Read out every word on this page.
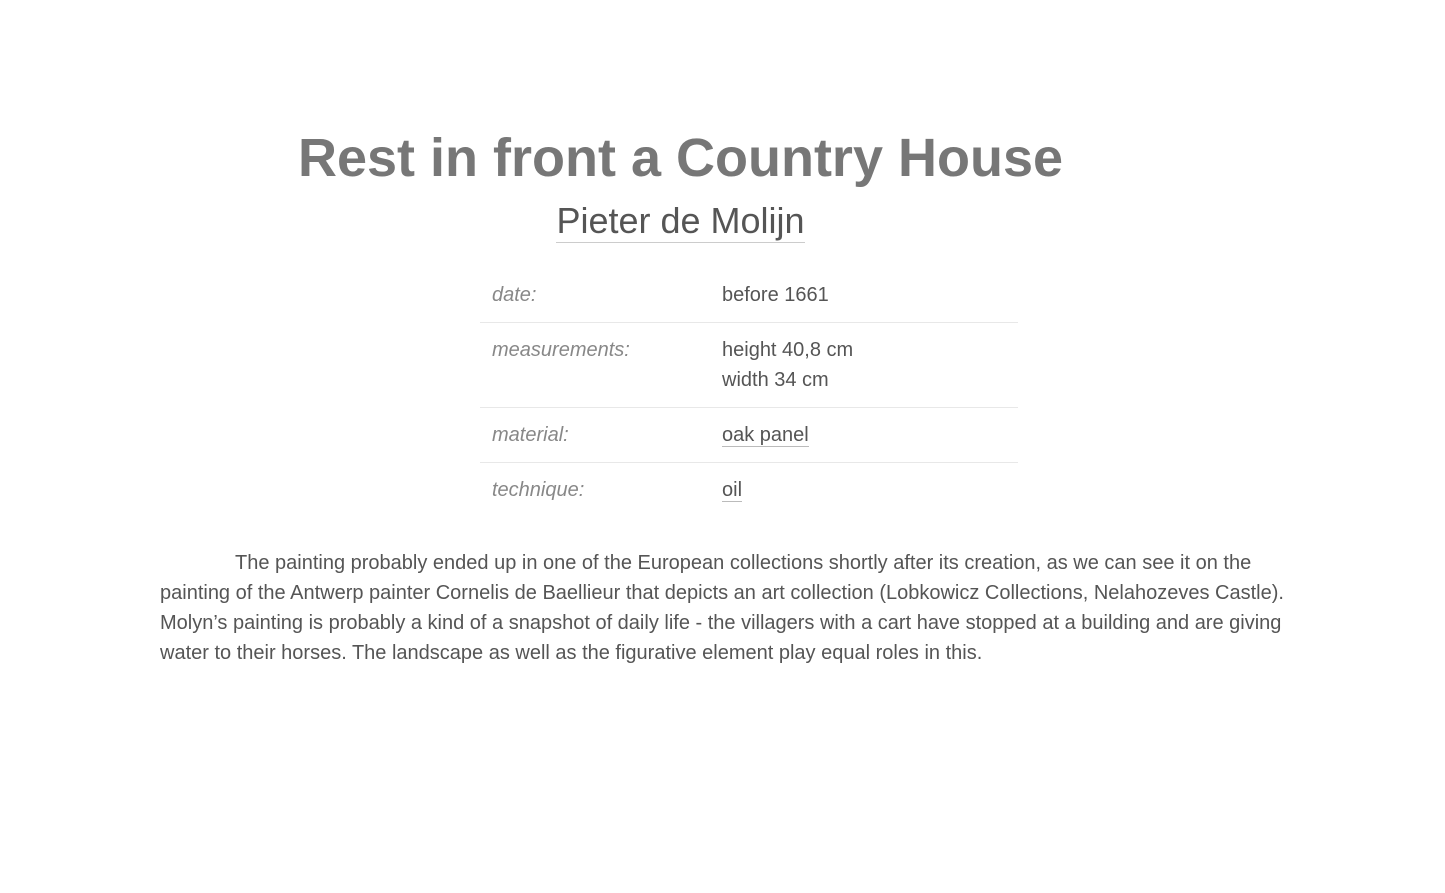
Rest in front a Country House
Pieter de Molijn
date:	before 1661
measurements:	height 40,8 cm
width 34 cm

material:	oak panel
technique:	oil

The painting probably ended up in one of the European collections shortly after its creation, as we can see it on the painting of the Antwerp painter Cornelis de Baellieur that depicts an art collection (Lobkowicz Collections, Nelahozeves Castle). Molyn’s painting is probably a kind of a snapshot of daily life - the villagers with a cart have stopped at a building and are giving water to their horses. The landscape as well as the figurative element play equal roles in this.
